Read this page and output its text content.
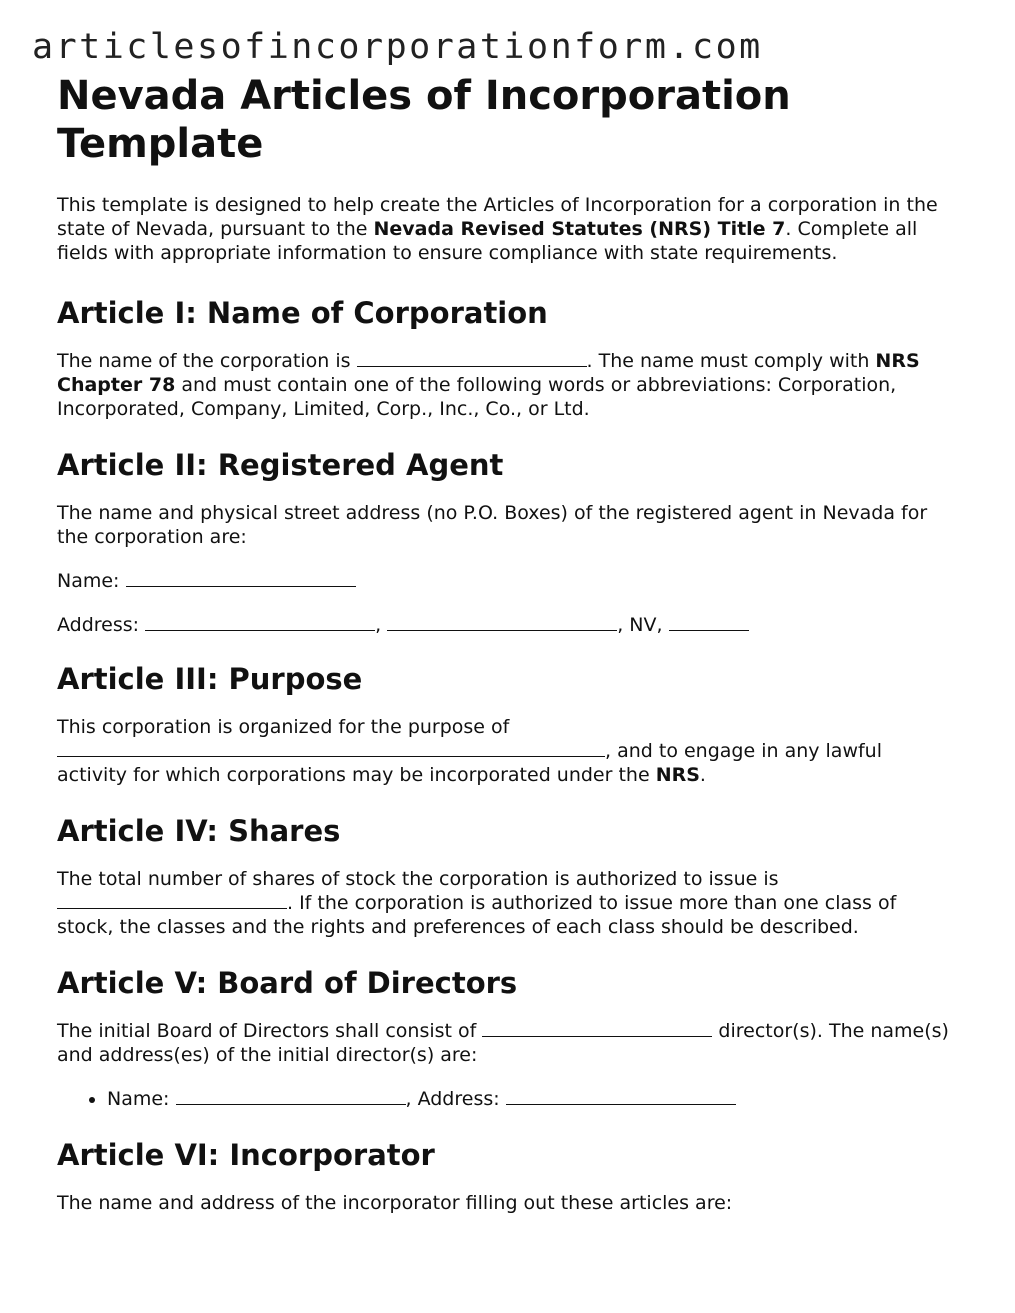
articlesofincorporationform.com
Nevada Articles of Incorporation
Template

This template is designed to help create the Articles of Incorporation for a corporation in the state of Nevada, pursuant to the Nevada Revised Statutes (NRS) Title 7. Complete all fields with appropriate information to ensure compliance with state requirements.

Article I: Name of Corporation

The name of the corporation is	. The name must comply with NRS Chapter 78 and must contain one of the following words or abbreviations: Corporation, Incorporated, Company, Limited, Corp., Inc., Co., or Ltd.

Article II: Registered Agent

The name and physical street address (no P.O. Boxes) of the registered agent in Nevada for the corporation are:

Name:

Address:	,	, NV,

Article III: Purpose

This corporation is organized for the purpose of
, and to engage in any lawful activity for which corporations may be incorporated under the NRS.

Article IV: Shares

The total number of shares of stock the corporation is authorized to issue is
. If the corporation is authorized to issue more than one class of stock, the classes and the rights and preferences of each class should be described.

Article V: Board of Directors

The initial Board of Directors shall consist of	director(s). The name(s) and address(es) of the initial director(s) are:

• Name:	, Address:
Article VI: Incorporator

The name and address of the incorporator filling out these articles are:
